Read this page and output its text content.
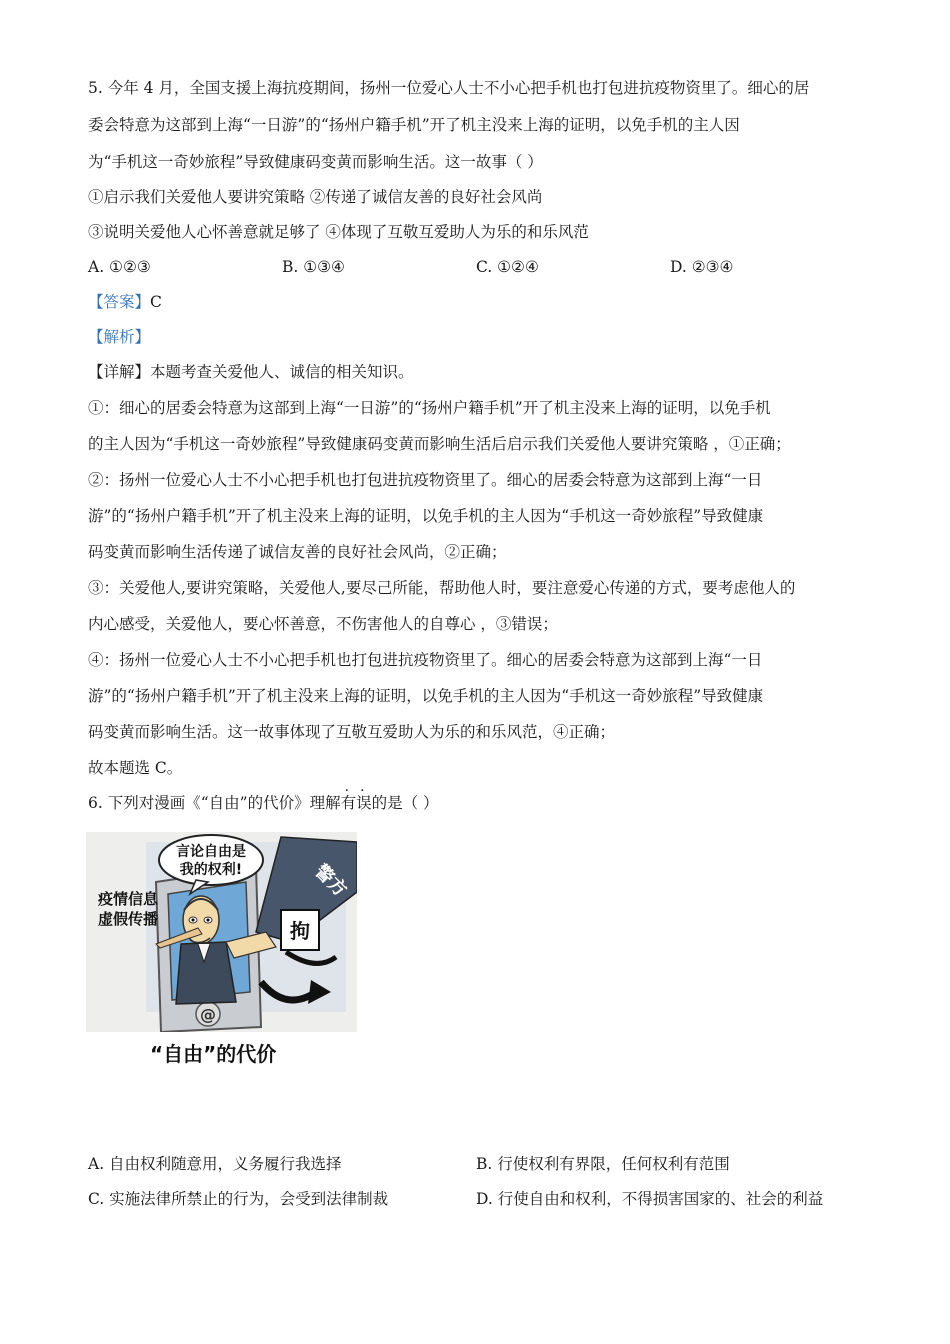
5. 今年 4 月，全国支援上海抗疫期间，扬州一位爱心人士不小心把手机也打包进抗疫物资里了。细心的居
委会特意为这部到上海“一日游”的“扬州户籍手机”开了机主没来上海的证明，以免手机的主人因
为“手机这一奇妙旅程”导致健康码变黄而影响生活。这一故事（ ）
①启示我们关爱他人要讲究策略 ②传递了诚信友善的良好社会风尚
③说明关爱他人心怀善意就足够了 ④体现了互敬互爱助人为乐的和乐风范
A. ①②③	B. ①③④	C. ①②④	D. ②③④
【答案】C
【解析】
【详解】本题考查关爱他人、诚信的相关知识。
①：细心的居委会特意为这部到上海“一日游”的“扬州户籍手机”开了机主没来上海的证明，以免手机
的主人因为“手机这一奇妙旅程”导致健康码变黄而影响生活后启示我们关爱他人要讲究策略 ，①正确；
②：扬州一位爱心人士不小心把手机也打包进抗疫物资里了。细心的居委会特意为这部到上海“一日
游”的“扬州户籍手机”开了机主没来上海的证明，以免手机的主人因为“手机这一奇妙旅程”导致健康
码变黄而影响生活传递了诚信友善的良好社会风尚，②正确；
③：关爱他人,要讲究策略，关爱他人,要尽己所能，帮助他人时，要注意爱心传递的方式，要考虑他人的
内心感受，关爱他人，要心怀善意，不伤害他人的自尊心 ，③错误；
④：扬州一位爱心人士不小心把手机也打包进抗疫物资里了。细心的居委会特意为这部到上海“一日
游”的“扬州户籍手机”开了机主没来上海的证明，以免手机的主人因为“手机这一奇妙旅程”导致健康
码变黄而影响生活。这一故事体现了互敬互爱助人为乐的和乐风范，④正确；
故本题选 C。
6. 下列对漫画《“自由”的代价》理解有误的是（ ）
警方
拘
言论自由是
我的权利!
疫情信息
虚假传播
@
“自由”的代价
A. 自由权利随意用，义务履行我选择	B. 行使权利有界限，任何权利有范围
C. 实施法律所禁止的行为，会受到法律制裁	D. 行使自由和权利，不得损害国家的、社会的利益
